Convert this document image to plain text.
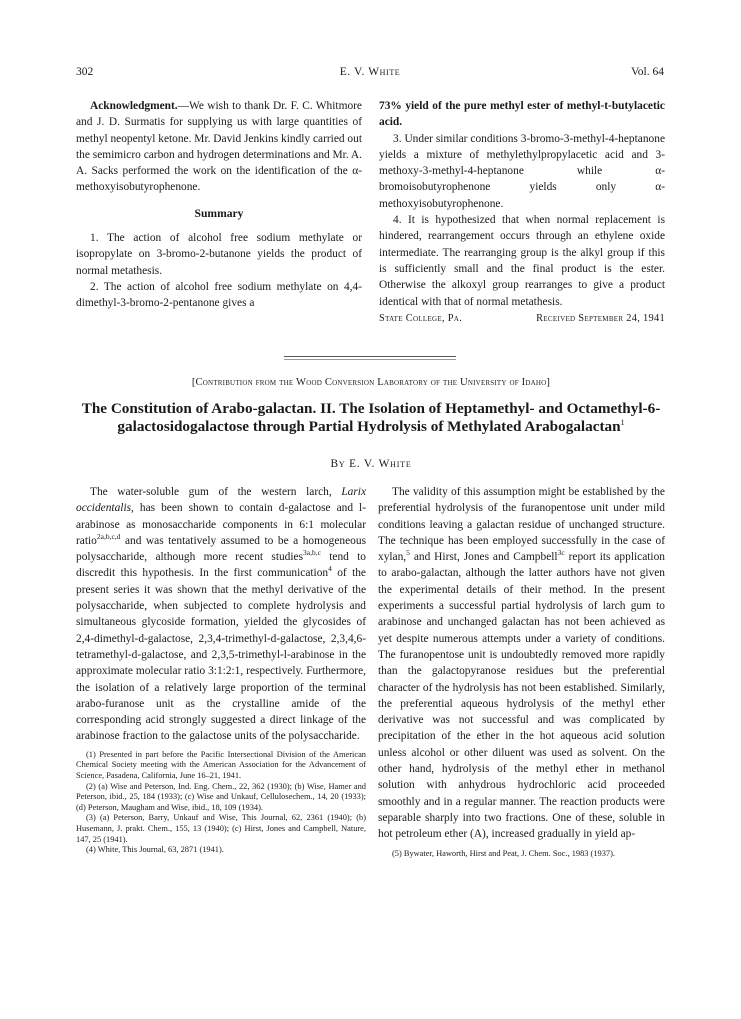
302	E. V. White	Vol. 64

Acknowledgment.—We wish to thank Dr. F. C. Whitmore and J. D. Surmatis for supplying us with large quantities of methyl neopentyl ketone. Mr. David Jenkins kindly carried out the semimicro carbon and hydrogen determinations and Mr. A. A. Sacks performed the work on the identification of the α-methoxyisobutyrophenone.

Summary

1. The action of alcohol free sodium methylate or isopropylate on 3-bromo-2-butanone yields the product of normal metathesis.

2. The action of alcohol free sodium methylate on 4,4-dimethyl-3-bromo-2-pentanone gives a

73% yield of the pure methyl ester of methyl-t-butylacetic acid.

3. Under similar conditions 3-bromo-3-methyl-4-heptanone yields a mixture of methylethylpropylacetic acid and 3-methoxy-3-methyl-4-heptanone while α-bromoisobutyrophenone yields only α-methoxyisobutyrophenone.

4. It is hypothesized that when normal replacement is hindered, rearrangement occurs through an ethylene oxide intermediate. The rearranging group is the alkyl group if this is sufficiently small and the final product is the ester. Otherwise the alkoxyl group rearranges to give a product identical with that of normal metathesis.

State College, Pa.	Received September 24, 1941
[Contribution from the Wood Conversion Laboratory of the University of Idaho]
The Constitution of Arabo-galactan. II. The Isolation of Heptamethyl- and Octamethyl-6-galactosidogalactose through Partial Hydrolysis of Methylated Arabogalactan$^1$
By E. V. White

The water-soluble gum of the western larch, Larix occidentalis, has been shown to contain d-galactose and l-arabinose as monosaccharide components in 6:1 molecular ratio$^{2a,b,c,d}$ and was tentatively assumed to be a homogeneous polysaccharide, although more recent studies$^{3a,b,c}$ tend to discredit this hypothesis. In the first communication$^4$ of the present series it was shown that the methyl derivative of the polysaccharide, when subjected to complete hydrolysis and simultaneous glycoside formation, yielded the glycosides of 2,4-dimethyl-d-galactose, 2,3,4-trimethyl-d-galactose, 2,3,4,6-tetramethyl-d-galactose, and 2,3,5-trimethyl-l-arabinose in the approximate molecular ratio 3:1:2:1, respectively. Furthermore, the isolation of a relatively large proportion of the terminal arabo-furanose unit as the crystalline amide of the corresponding acid strongly suggested a direct linkage of the arabinose fraction to the galactose units of the polysaccharide.

(1) Presented in part before the Pacific Intersectional Division of the American Chemical Society meeting with the American Association for the Advancement of Science, Pasadena, California, June 16–21, 1941.

(2) (a) Wise and Peterson, Ind. Eng. Chem., 22, 362 (1930); (b) Wise, Hamer and Peterson, ibid., 25, 184 (1933); (c) Wise and Unkauf, Cellulosechem., 14, 20 (1933); (d) Peterson, Maugham and Wise, ibid., 18, 109 (1934).

(3) (a) Peterson, Barry, Unkauf and Wise, This Journal, 62, 2361 (1940); (b) Husemann, J. prakt. Chem., 155, 13 (1940); (c) Hirst, Jones and Campbell, Nature, 147, 25 (1941).

(4) White, This Journal, 63, 2871 (1941).

The validity of this assumption might be established by the preferential hydrolysis of the furanopentose unit under mild conditions leaving a galactan residue of unchanged structure. The technique has been employed successfully in the case of xylan,$^5$ and Hirst, Jones and Campbell$^{3c}$ report its application to arabo-galactan, although the latter authors have not given the experimental details of their method. In the present experiments a successful partial hydrolysis of larch gum to arabinose and unchanged galactan has not been achieved as yet despite numerous attempts under a variety of conditions. The furanopentose unit is undoubtedly removed more rapidly than the galactopyranose residues but the preferential character of the hydrolysis has not been established. Similarly, the preferential aqueous hydrolysis of the methyl ether derivative was not successful and was complicated by precipitation of the ether in the hot aqueous acid solution unless alcohol or other diluent was used as solvent. On the other hand, hydrolysis of the methyl ether in methanol solution with anhydrous hydrochloric acid proceeded smoothly and in a regular manner. The reaction products were separable sharply into two fractions. One of these, soluble in hot petroleum ether (A), increased gradually in yield ap-

(5) Bywater, Haworth, Hirst and Peat, J. Chem. Soc., 1983 (1937).
